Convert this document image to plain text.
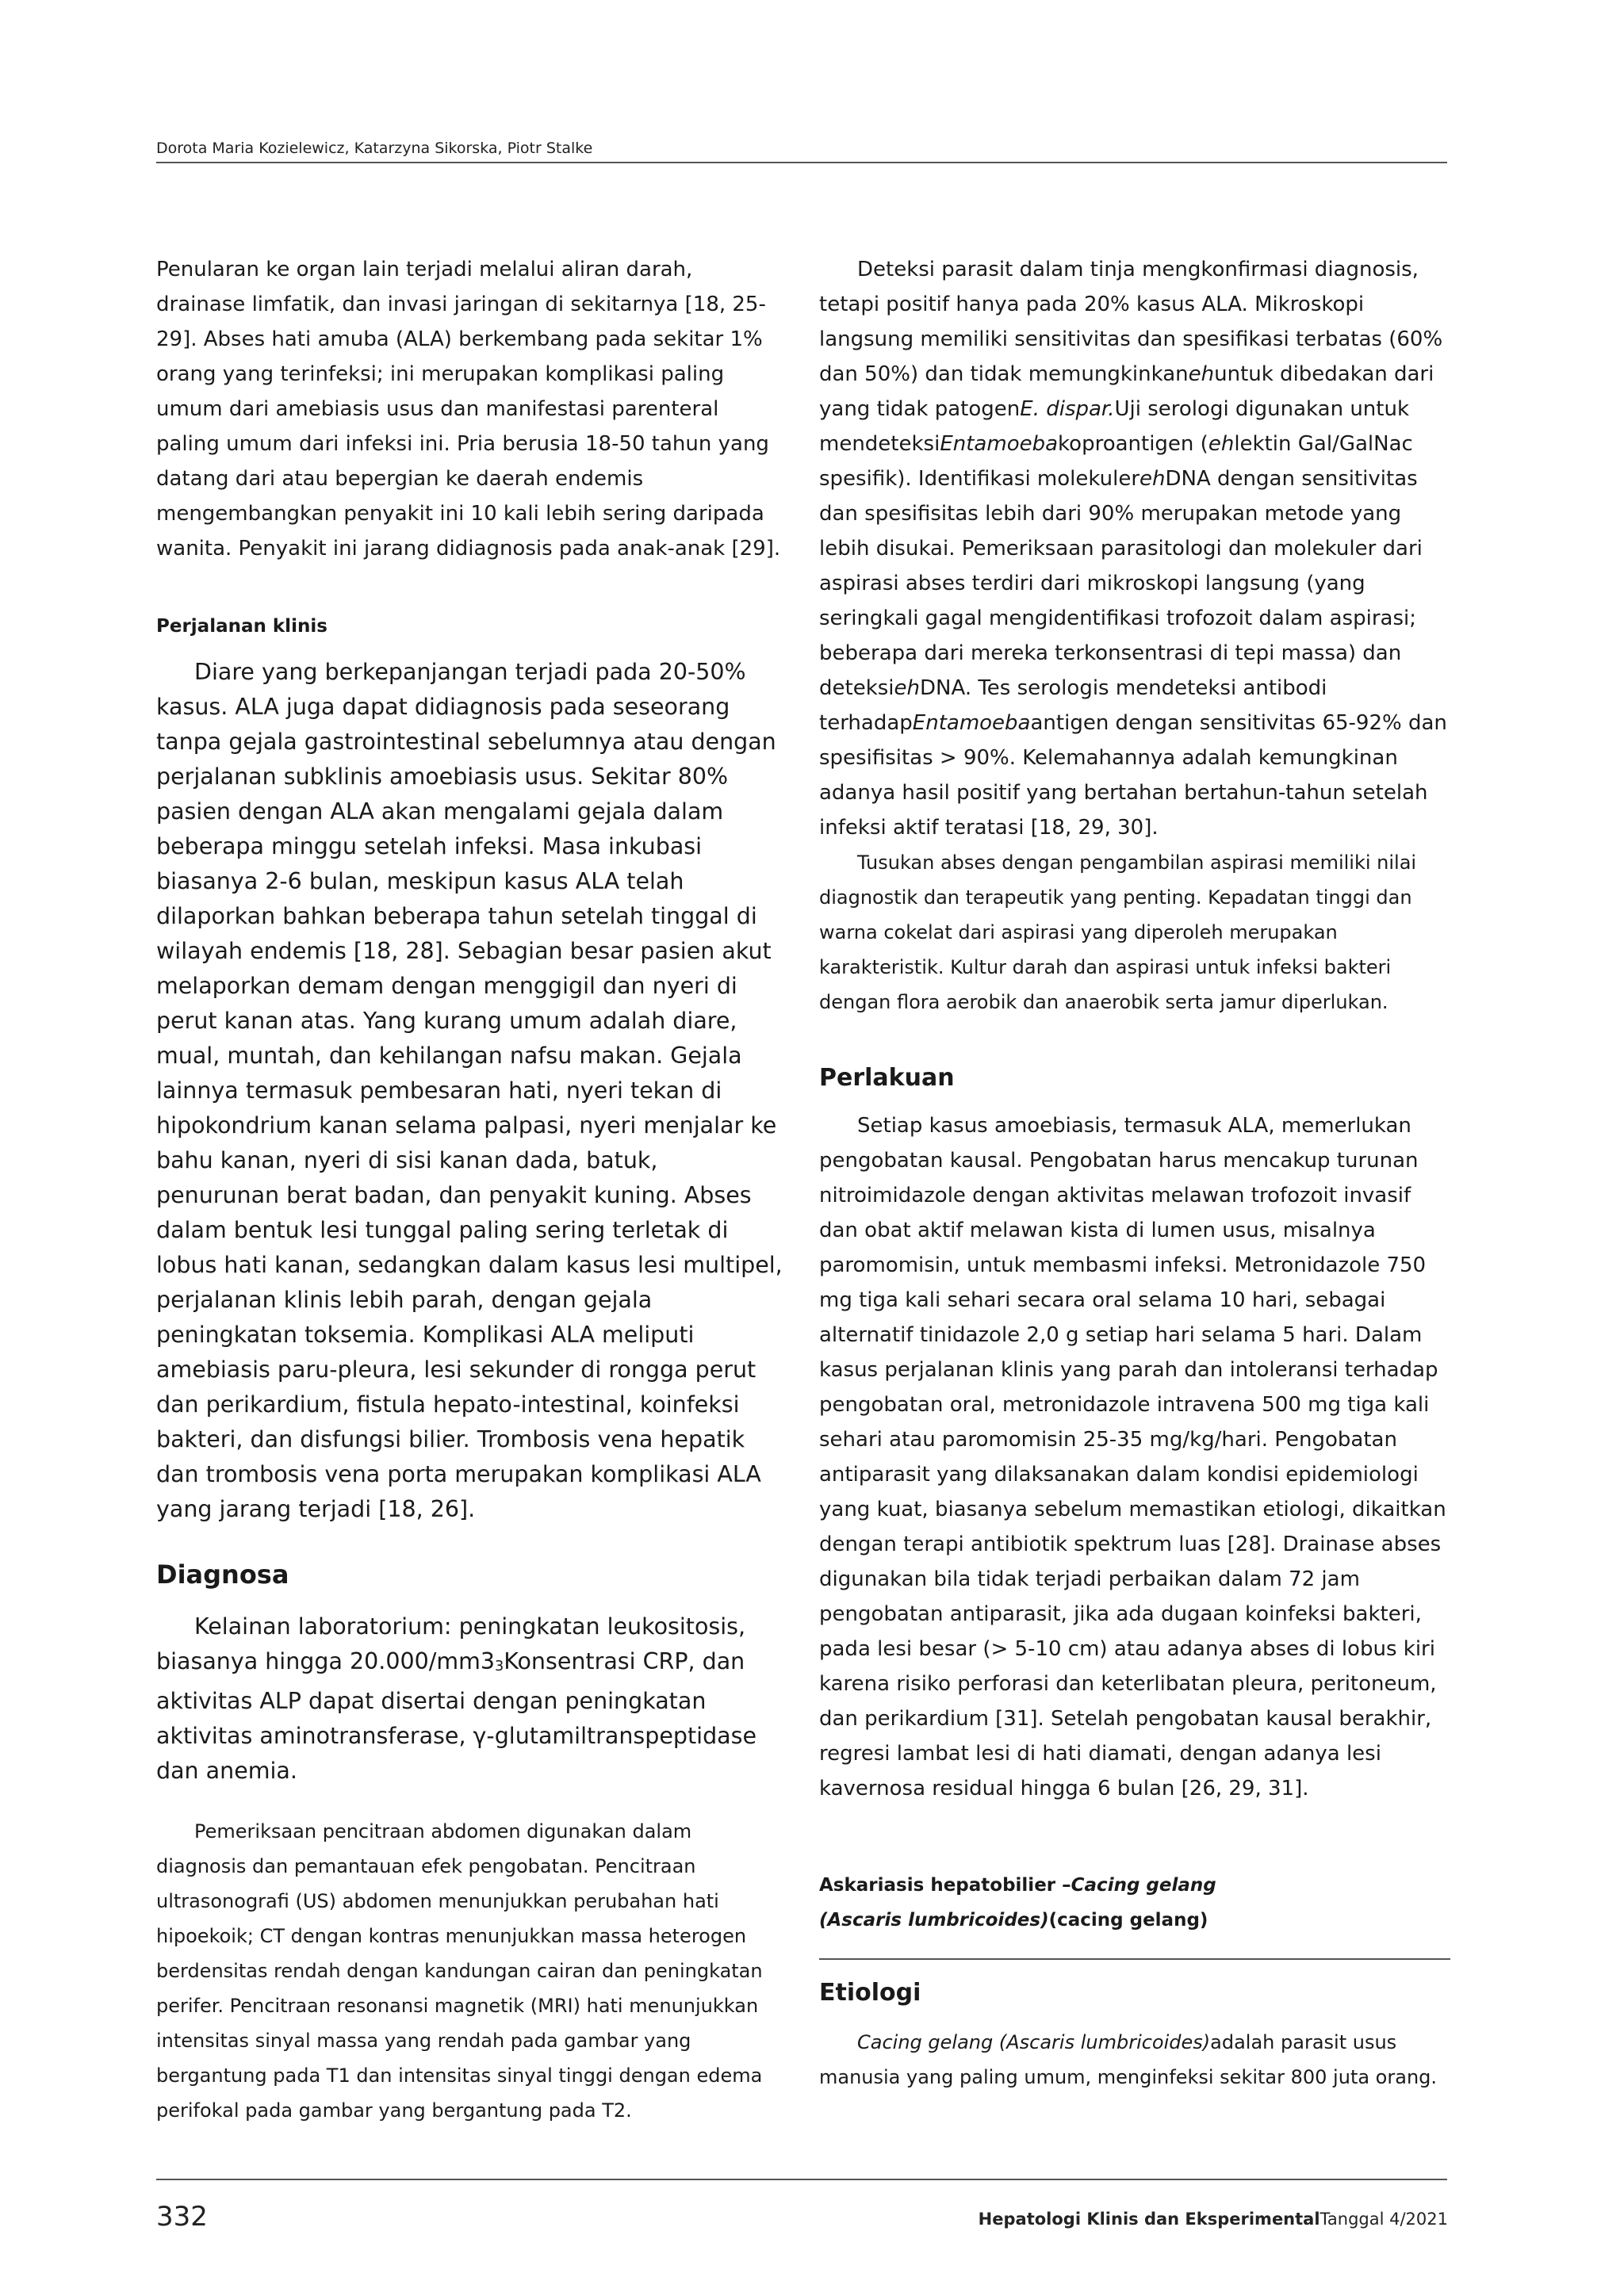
Dorota Maria Kozielewicz, Katarzyna Sikorska, Piotr Stalke

Penularan ke organ lain terjadi melalui aliran darah, drainase limfatik, dan invasi jaringan di sekitarnya [18, 25-29]. Abses hati amuba (ALA) berkembang pada sekitar 1% orang yang terinfeksi; ini merupakan komplikasi paling umum dari amebiasis usus dan manifestasi parenteral paling umum dari infeksi ini. Pria berusia 18-50 tahun yang datang dari atau bepergian ke daerah endemis mengembangkan penyakit ini 10 kali lebih sering daripada wanita. Penyakit ini jarang didiagnosis pada anak-anak [29].

Perjalanan klinis

Diare yang berkepanjangan terjadi pada 20-50% kasus. ALA juga dapat didiagnosis pada seseorang tanpa gejala gastrointestinal sebelumnya atau dengan perjalanan subklinis amoebiasis usus. Sekitar 80% pasien dengan ALA akan mengalami gejala dalam beberapa minggu setelah infeksi. Masa inkubasi biasanya 2-6 bulan, meskipun kasus ALA telah dilaporkan bahkan beberapa tahun setelah tinggal di wilayah endemis [18, 28]. Sebagian besar pasien akut melaporkan demam dengan menggigil dan nyeri di perut kanan atas. Yang kurang umum adalah diare, mual, muntah, dan kehilangan nafsu makan. Gejala lainnya termasuk pembesaran hati, nyeri tekan di hipokondrium kanan selama palpasi, nyeri menjalar ke bahu kanan, nyeri di sisi kanan dada, batuk, penurunan berat badan, dan penyakit kuning. Abses dalam bentuk lesi tunggal paling sering terletak di lobus hati kanan, sedangkan dalam kasus lesi multipel, perjalanan klinis lebih parah, dengan gejala peningkatan toksemia. Komplikasi ALA meliputi amebiasis paru-pleura, lesi sekunder di rongga perut dan perikardium, fistula hepato-intestinal, koinfeksi bakteri, dan disfungsi bilier. Trombosis vena hepatik dan trombosis vena porta merupakan komplikasi ALA yang jarang terjadi [18, 26].

Diagnosa

Kelainan laboratorium: peningkatan leukositosis, biasanya hingga 20.000/mm33Konsentrasi CRP, dan aktivitas ALP dapat disertai dengan peningkatan aktivitas aminotransferase, γ-glutamiltranspeptidase dan anemia.

Pemeriksaan pencitraan abdomen digunakan dalam diagnosis dan pemantauan efek pengobatan. Pencitraan ultrasonografi (US) abdomen menunjukkan perubahan hati hipoekoik; CT dengan kontras menunjukkan massa heterogen berdensitas rendah dengan kandungan cairan dan peningkatan perifer. Pencitraan resonansi magnetik (MRI) hati menunjukkan intensitas sinyal massa yang rendah pada gambar yang bergantung pada T1 dan intensitas sinyal tinggi dengan edema perifokal pada gambar yang bergantung pada T2.

Deteksi parasit dalam tinja mengkonfirmasi diagnosis, tetapi positif hanya pada 20% kasus ALA. Mikroskopi langsung memiliki sensitivitas dan spesifikasi terbatas (60% dan 50%) dan tidak memungkinkanehuntuk dibedakan dari yang tidak patogenE. dispar.Uji serologi digunakan untuk mendeteksiEntamoebakoproantigen (ehlektin Gal/GalNac spesifik). Identifikasi molekulerehDNA dengan sensitivitas dan spesifisitas lebih dari 90% merupakan metode yang lebih disukai. Pemeriksaan parasitologi dan molekuler dari aspirasi abses terdiri dari mikroskopi langsung (yang seringkali gagal mengidentifikasi trofozoit dalam aspirasi; beberapa dari mereka terkonsentrasi di tepi massa) dan deteksiehDNA. Tes serologis mendeteksi antibodi terhadapEntamoebaantigen dengan sensitivitas 65-92% dan spesifisitas > 90%. Kelemahannya adalah kemungkinan adanya hasil positif yang bertahan bertahun-tahun setelah infeksi aktif teratasi [18, 29, 30].

Tusukan abses dengan pengambilan aspirasi memiliki nilai diagnostik dan terapeutik yang penting. Kepadatan tinggi dan warna cokelat dari aspirasi yang diperoleh merupakan karakteristik. Kultur darah dan aspirasi untuk infeksi bakteri dengan flora aerobik dan anaerobik serta jamur diperlukan.

Perlakuan

Setiap kasus amoebiasis, termasuk ALA, memerlukan pengobatan kausal. Pengobatan harus mencakup turunan nitroimidazole dengan aktivitas melawan trofozoit invasif dan obat aktif melawan kista di lumen usus, misalnya paromomisin, untuk membasmi infeksi. Metronidazole 750 mg tiga kali sehari secara oral selama 10 hari, sebagai alternatif tinidazole 2,0 g setiap hari selama 5 hari. Dalam kasus perjalanan klinis yang parah dan intoleransi terhadap pengobatan oral, metronidazole intravena 500 mg tiga kali sehari atau paromomisin 25-35 mg/kg/hari. Pengobatan antiparasit yang dilaksanakan dalam kondisi epidemiologi yang kuat, biasanya sebelum memastikan etiologi, dikaitkan dengan terapi antibiotik spektrum luas [28]. Drainase abses digunakan bila tidak terjadi perbaikan dalam 72 jam pengobatan antiparasit, jika ada dugaan koinfeksi bakteri, pada lesi besar (> 5-10 cm) atau adanya abses di lobus kiri karena risiko perforasi dan keterlibatan pleura, peritoneum, dan perikardium [31]. Setelah pengobatan kausal berakhir, regresi lambat lesi di hati diamati, dengan adanya lesi kavernosa residual hingga 6 bulan [26, 29, 31].

Askariasis hepatobilier –Cacing gelang
(Ascaris lumbricoides)(cacing gelang)

Etiologi

Cacing gelang (Ascaris lumbricoides)adalah parasit usus manusia yang paling umum, menginfeksi sekitar 800 juta orang.

332	Hepatologi Klinis dan EksperimentalTanggal 4/2021
